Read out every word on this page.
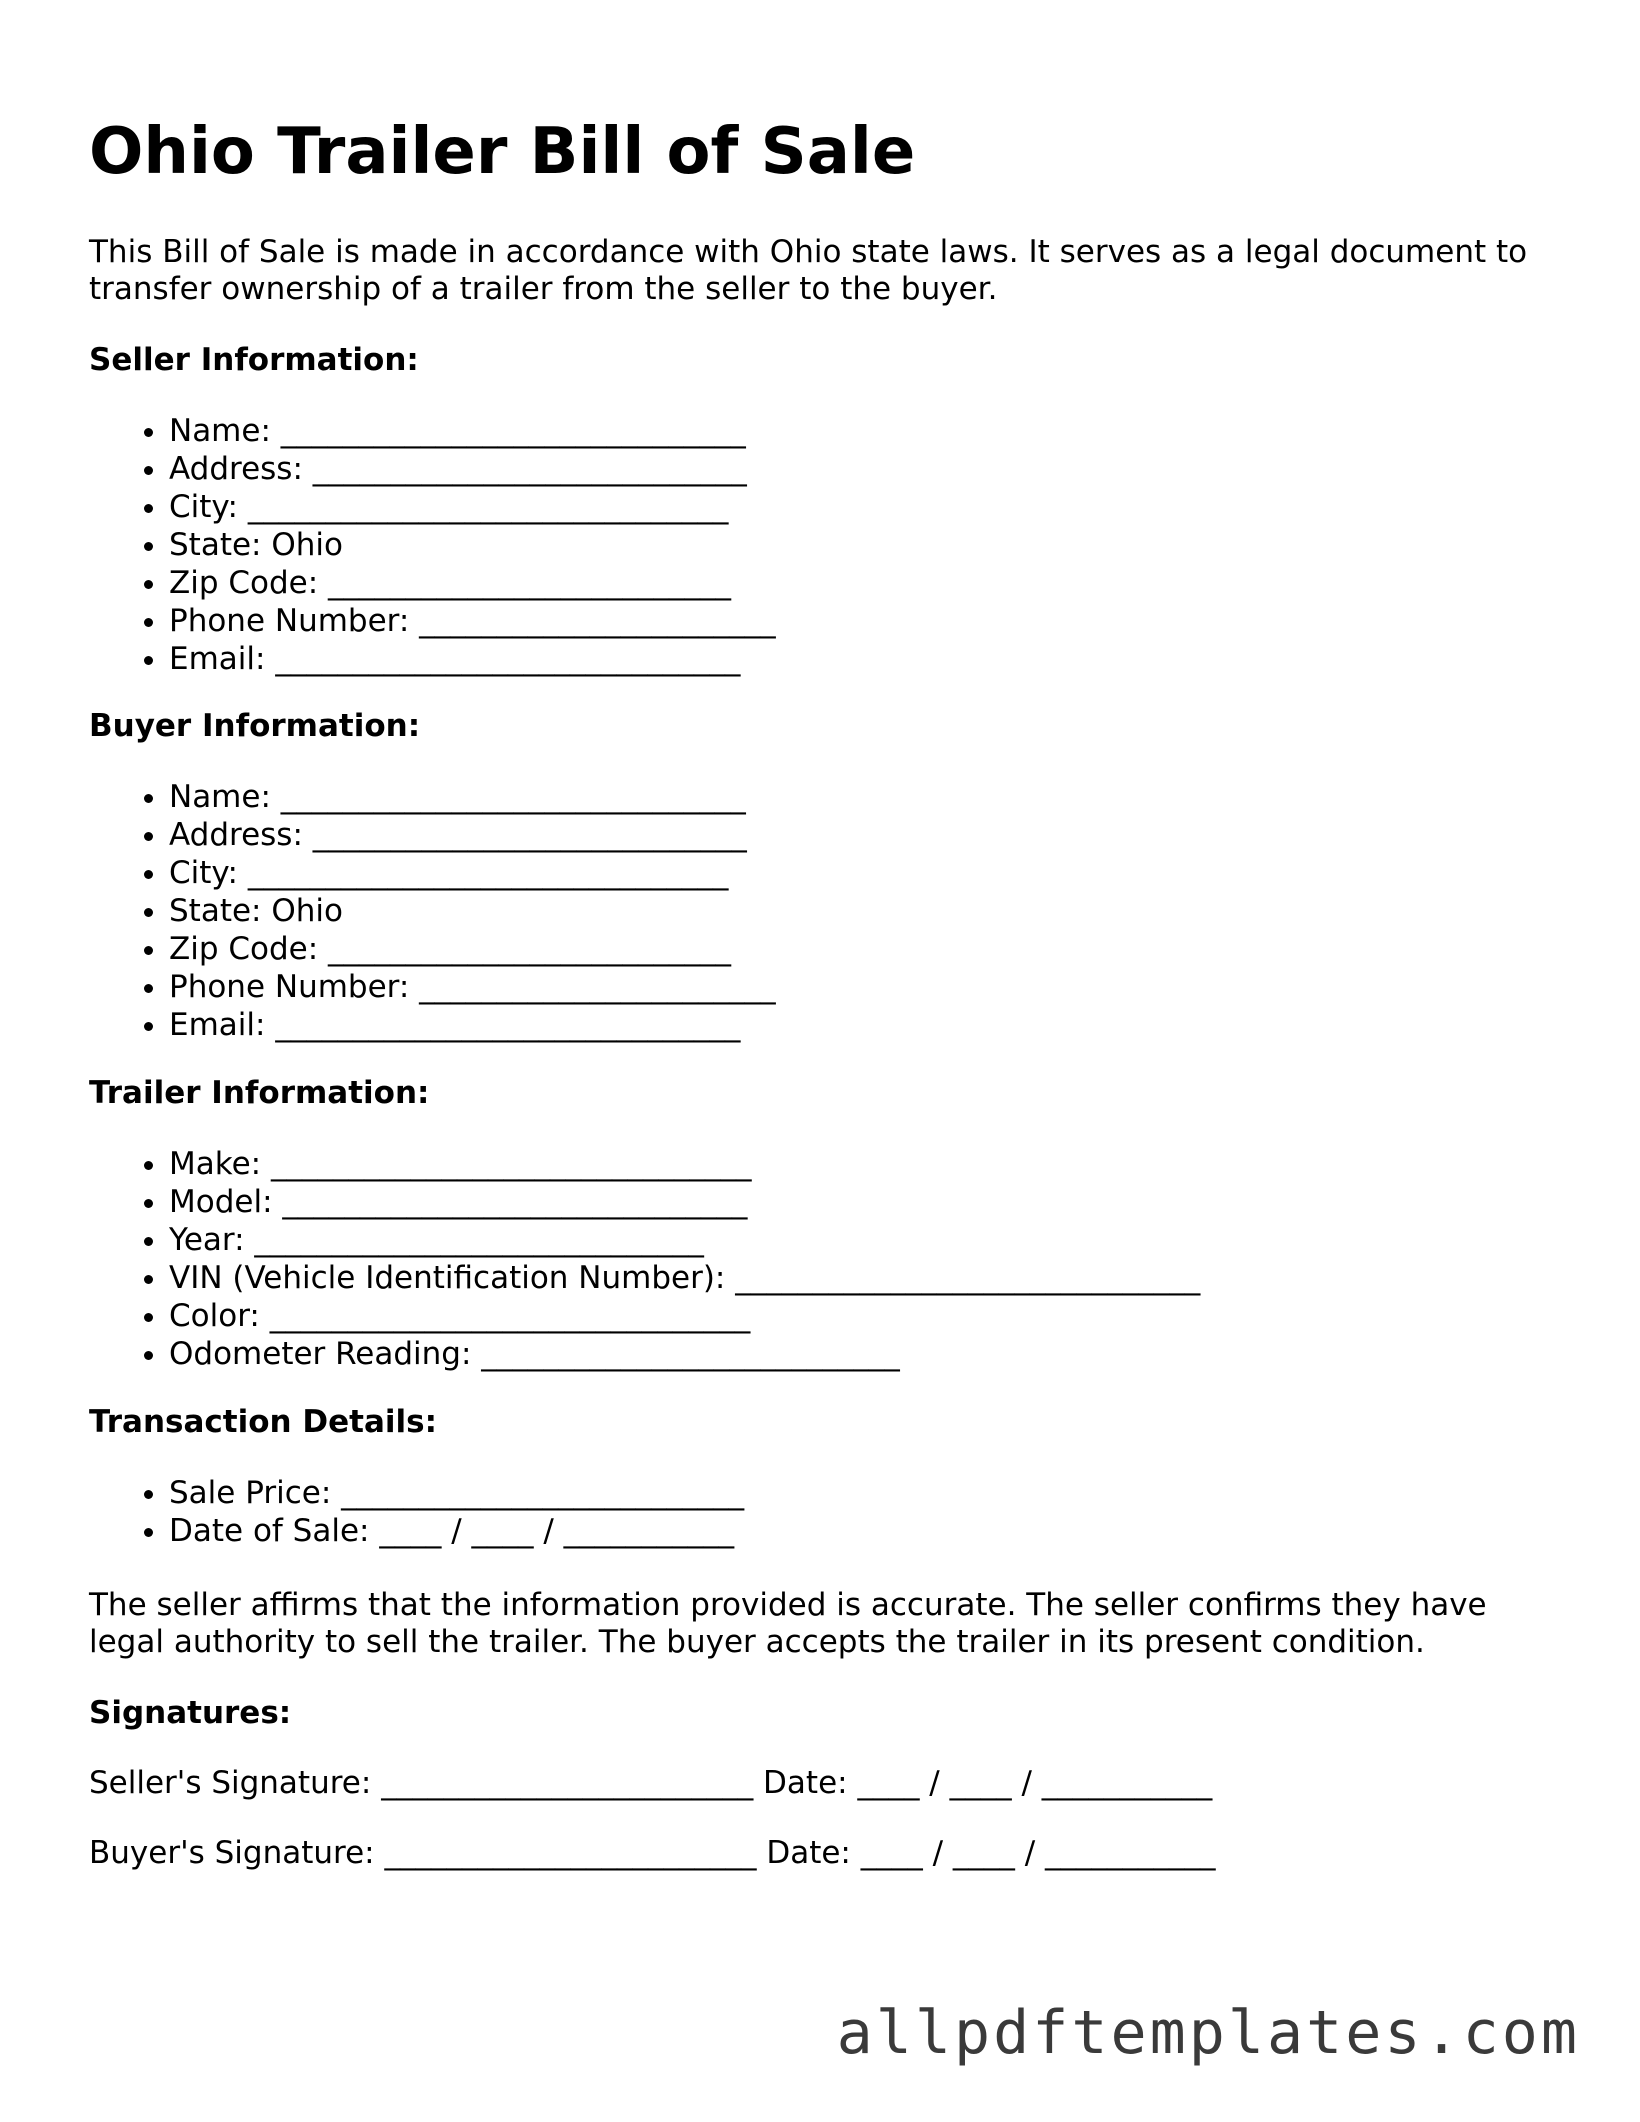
Ohio Trailer Bill of Sale

This Bill of Sale is made in accordance with Ohio state laws. It serves as a legal document to transfer ownership of a trailer from the seller to the buyer.

Seller Information:
• Name: ______________________________
• Address: ____________________________
• City: _______________________________
• State: Ohio
• Zip Code: __________________________
• Phone Number: _______________________
• Email: ______________________________
Buyer Information:
• Name: ______________________________
• Address: ____________________________
• City: _______________________________
• State: Ohio
• Zip Code: __________________________
• Phone Number: _______________________
• Email: ______________________________
Trailer Information:
• Make: _______________________________
• Model: ______________________________
• Year: _____________________________
• VIN (Vehicle Identification Number): ______________________________
• Color: _______________________________
• Odometer Reading: ___________________________
Transaction Details:
• Sale Price: __________________________
• Date of Sale: ____ / ____ / ___________

The seller affirms that the information provided is accurate. The seller confirms they have legal authority to sell the trailer. The buyer accepts the trailer in its present condition.

Signatures:

Seller's Signature: ________________________ Date: ____ / ____ / ___________

Buyer's Signature: ________________________ Date: ____ / ____ / ___________

allpdftemplates.com
